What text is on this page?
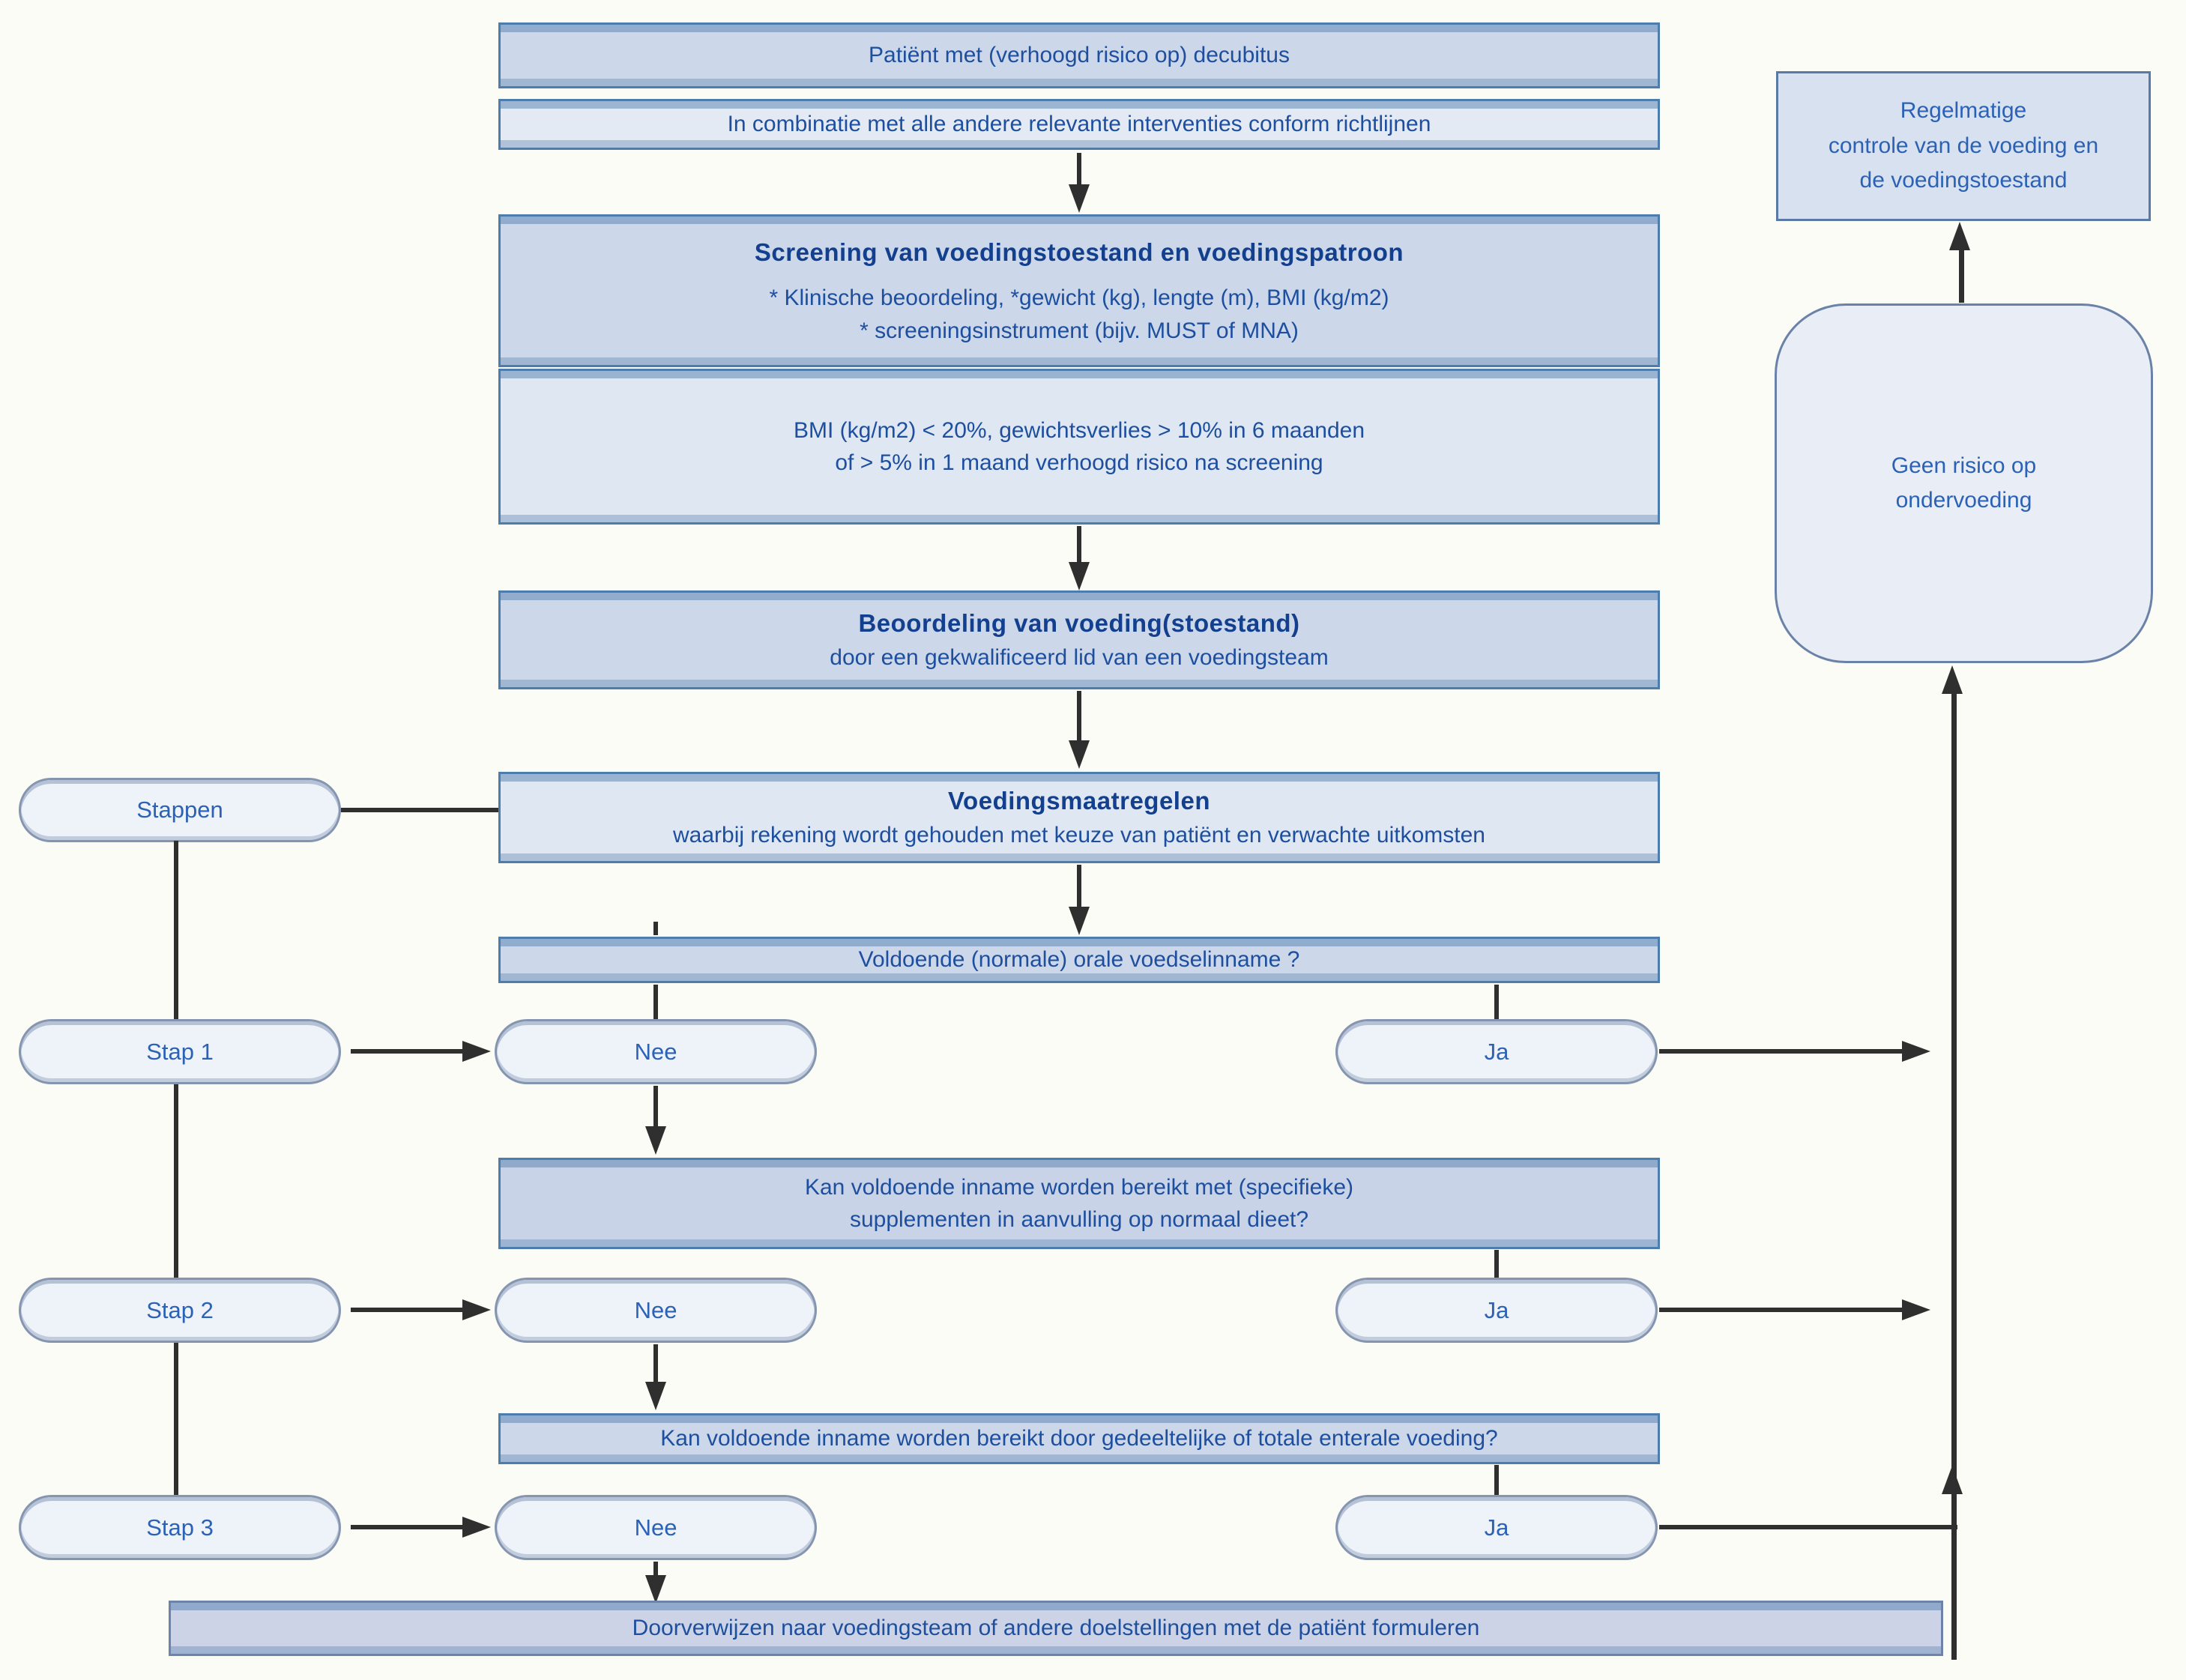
Patiënt met (verhoogd risico op) decubitus
In combinatie met alle andere relevante interventies conform richtlijnen
Screening van voedingstoestand en voedingspatroon
* Klinische beoordeling, *gewicht (kg), lengte (m), BMI (kg/m2)
* screeningsinstrument (bijv. MUST of MNA)
BMI (kg/m2) < 20%, gewichtsverlies > 10% in 6 maanden
of > 5% in 1 maand verhoogd risico na screening
Beoordeling van voeding(stoestand)
door een gekwalificeerd lid van een voedingsteam
Voedingsmaatregelen
waarbij rekening wordt gehouden met keuze van patiënt en verwachte uitkomsten
Voldoende (normale) orale voedselinname ?
Stappen
Stap 1	Nee	Ja
Kan voldoende inname worden bereikt met (specifieke)
supplementen in aanvulling op normaal dieet?
Stap 2	Nee	Ja
Kan voldoende inname worden bereikt door gedeeltelijke of totale enterale voeding?
Stap 3	Nee	Ja
Doorverwijzen naar voedingsteam of andere doelstellingen met de patiënt formuleren
Regelmatige
controle van de voeding en
de voedingstoestand
Geen risico op
ondervoeding
